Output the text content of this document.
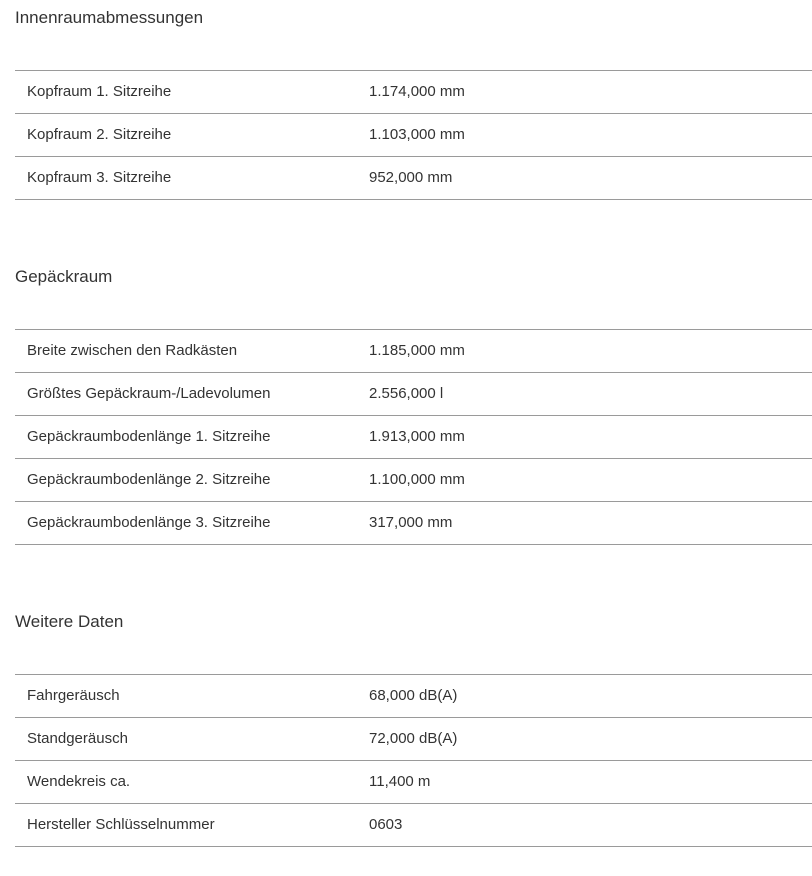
Innenraumabmessungen
Kopfraum 1. Sitzreihe	1.174,000 mm
Kopfraum 2. Sitzreihe	1.103,000 mm
Kopfraum 3. Sitzreihe	952,000 mm
Gepäckraum
Breite zwischen den Radkästen	1.185,000 mm
Größtes Gepäckraum-/Ladevolumen	2.556,000 l
Gepäckraumbodenlänge 1. Sitzreihe	1.913,000 mm
Gepäckraumbodenlänge 2. Sitzreihe	1.100,000 mm
Gepäckraumbodenlänge 3. Sitzreihe	317,000 mm
Weitere Daten
Fahrgeräusch	68,000 dB(A)
Standgeräusch	72,000 dB(A)
Wendekreis ca.	11,400 m
Hersteller Schlüsselnummer	0603
